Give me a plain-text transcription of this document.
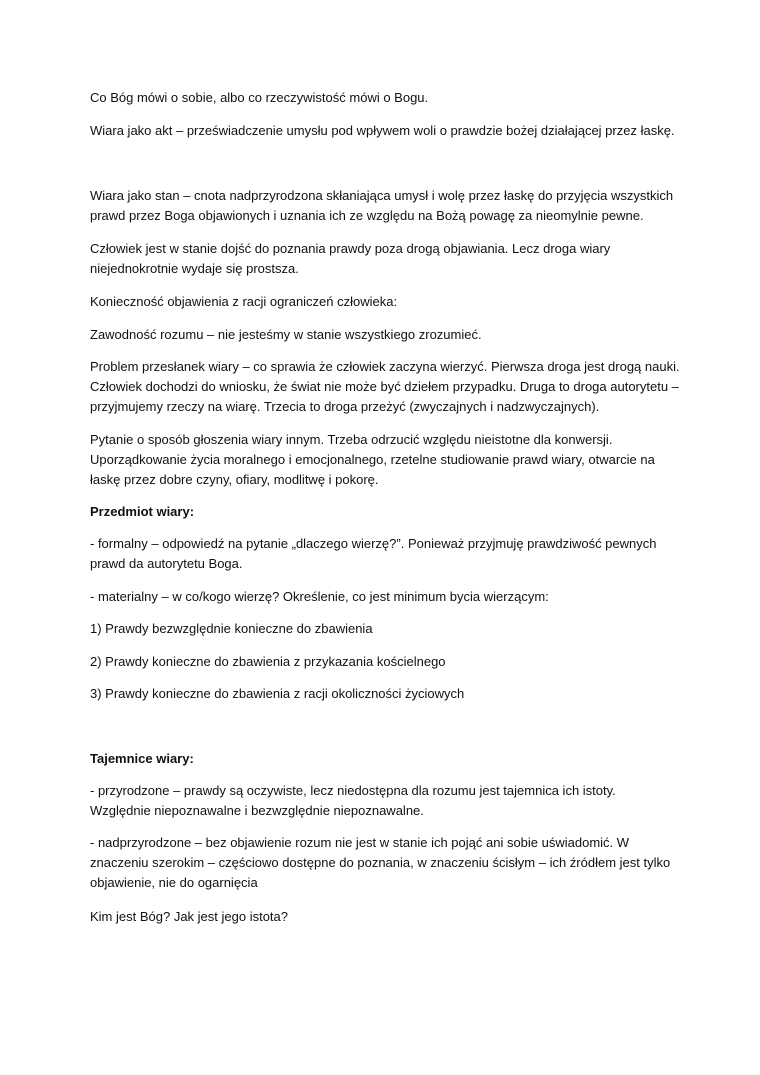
Co Bóg mówi o sobie, albo co rzeczywistość mówi o Bogu.

Wiara jako akt – przeświadczenie umysłu pod wpływem woli o prawdzie bożej działającej przez łaskę.

Wiara jako stan – cnota nadprzyrodzona skłaniająca umysł i wolę przez łaskę do przyjęcia wszystkich prawd przez Boga objawionych i uznania ich ze względu na Bożą powagę za nieomylnie pewne.

Człowiek jest w stanie dojść do poznania prawdy poza drogą objawiania. Lecz droga wiary niejednokrotnie wydaje się prostsza.

Konieczność objawienia z racji ograniczeń człowieka:

Zawodność rozumu – nie jesteśmy w stanie wszystkiego zrozumieć.

Problem przesłanek wiary – co sprawia że człowiek zaczyna wierzyć. Pierwsza droga jest drogą nauki. Człowiek dochodzi do wniosku, że świat nie może być dziełem przypadku. Druga to droga autorytetu – przyjmujemy rzeczy na wiarę. Trzecia to droga przeżyć (zwyczajnych i nadzwyczajnych).

Pytanie o sposób głoszenia wiary innym. Trzeba odrzucić względu nieistotne dla konwersji. Uporządkowanie życia moralnego i emocjonalnego, rzetelne studiowanie prawd wiary, otwarcie na łaskę przez dobre czyny, ofiary, modlitwę i pokorę.

Przedmiot wiary:

- formalny – odpowiedź na pytanie „dlaczego wierzę?”. Ponieważ przyjmuję prawdziwość pewnych prawd da autorytetu Boga.

- materialny – w co/kogo wierzę? Określenie, co jest minimum bycia wierzącym:

1) Prawdy bezwzględnie konieczne do zbawienia

2) Prawdy konieczne do zbawienia z przykazania kościelnego

3) Prawdy konieczne do zbawienia z racji okoliczności życiowych

Tajemnice wiary:

- przyrodzone – prawdy są oczywiste, lecz niedostępna dla rozumu jest tajemnica ich istoty. Względnie niepoznawalne i bezwzględnie niepoznawalne.

- nadprzyrodzone – bez objawienie rozum nie jest w stanie ich pojąć ani sobie uświadomić. W znaczeniu szerokim – częściowo dostępne do poznania, w znaczeniu ścisłym – ich źródłem jest tylko objawienie, nie do ogarnięcia

Kim jest Bóg? Jak jest jego istota?
